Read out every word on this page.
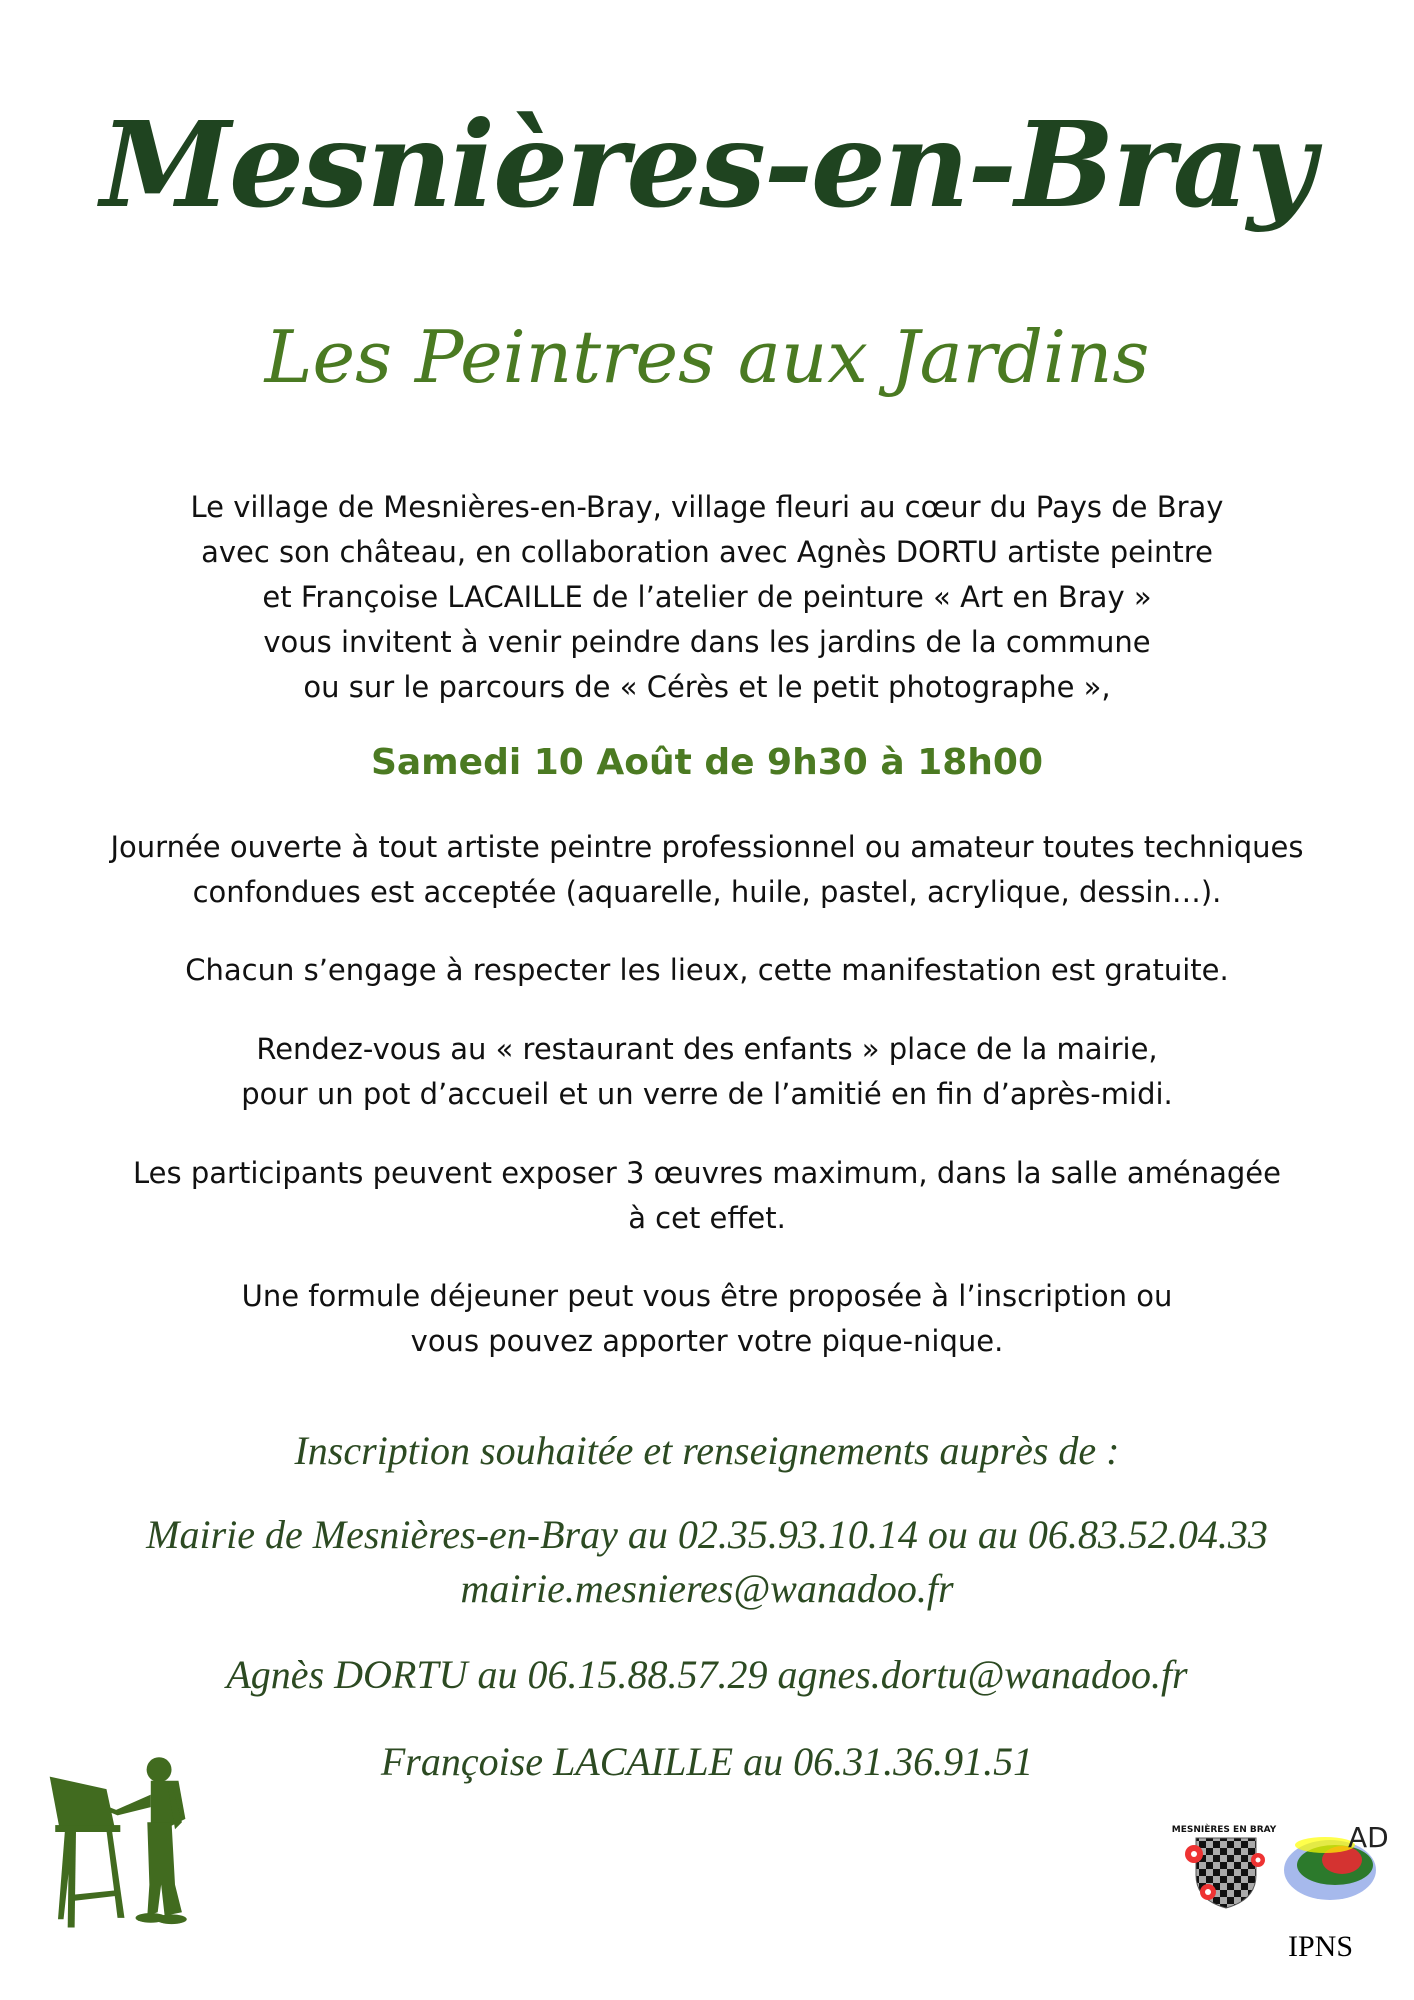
Mesnières-en-Bray
Les Peintres aux Jardins
Le village de Mesnières-en-Bray, village fleuri au cœur du Pays de Bray
avec son château, en collaboration avec Agnès DORTU artiste peintre
et Françoise LACAILLE de l’atelier de peinture « Art en Bray »
vous invitent à venir peindre dans les jardins de la commune
ou sur le parcours de « Cérès et le petit photographe »,
Samedi 10 Août de 9h30 à 18h00
Journée ouverte à tout artiste peintre professionnel ou amateur toutes techniques
confondues est acceptée (aquarelle, huile, pastel, acrylique, dessin…).
Chacun s’engage à respecter les lieux, cette manifestation est gratuite.
Rendez-vous au « restaurant des enfants » place de la mairie,
pour un pot d’accueil et un verre de l’amitié en fin d’après-midi.
Les participants peuvent exposer 3 œuvres maximum, dans la salle aménagée
à cet effet.
Une formule déjeuner peut vous être proposée à l’inscription ou
vous pouvez apporter votre pique-nique.
Inscription souhaitée et renseignements auprès de :
Mairie de Mesnières-en-Bray au 02.35.93.10.14 ou au 06.83.52.04.33
mairie.mesnieres@wanadoo.fr
Agnès DORTU au 06.15.88.57.29 agnes.dortu@wanadoo.fr
Françoise LACAILLE au 06.31.36.91.51
MESNIÈRES EN BRAY	AD
IPNS
